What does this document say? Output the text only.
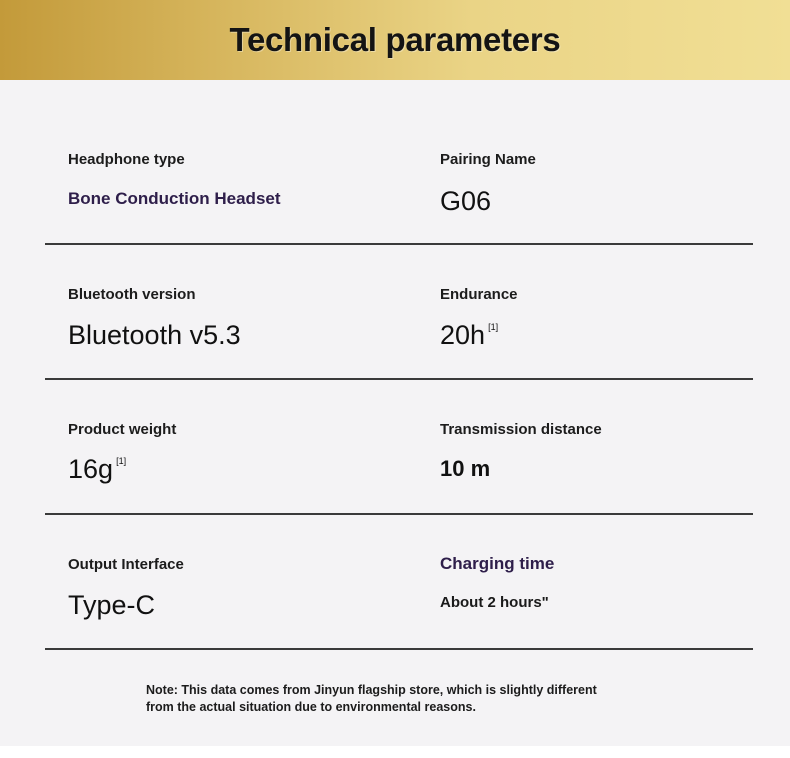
Technical parameters
Headphone type
Bone Conduction Headset
Pairing Name
G06
Bluetooth version
Bluetooth v5.3
Endurance
20h [1]
Product weight
16g [1]
Transmission distance
10 m
Output Interface
Type-C
Charging time
About 2 hours"
Note: This data comes from Jinyun flagship store, which is slightly different
from the actual situation due to environmental reasons.
